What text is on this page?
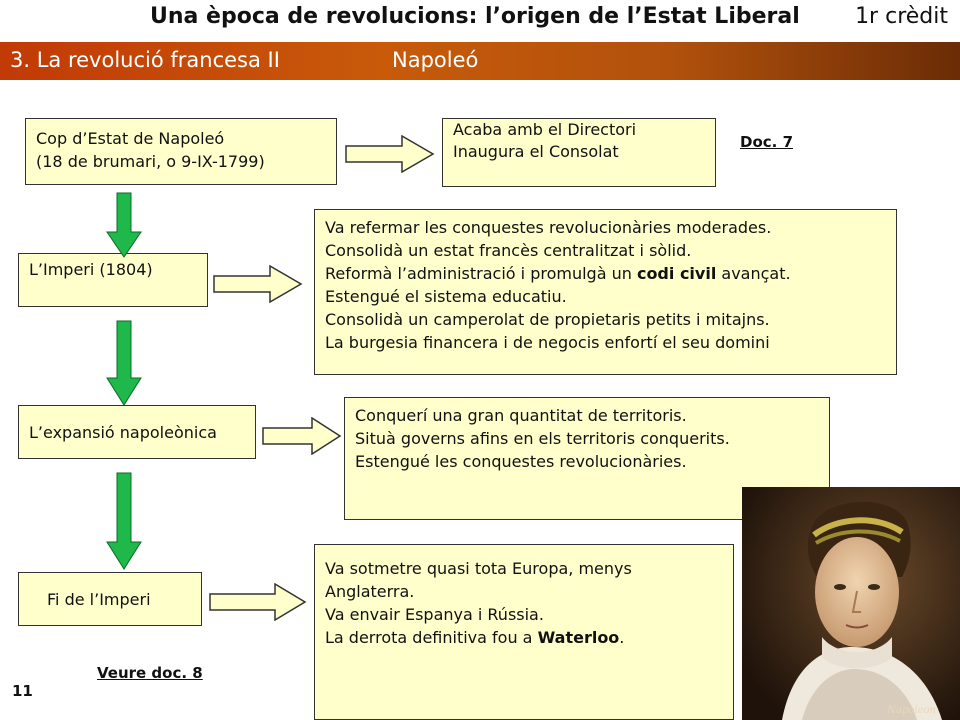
Una època de revolucions: l’origen de l’Estat Liberal	1r crèdit
3. La revolució francesa II	Napoleó
Cop d’Estat de Napoleó
(18 de brumari, o 9-IX-1799)
L’Imperi (1804)
L’expansió napoleònica
Fi de l’Imperi
Acaba amb el Directori
Inaugura el Consolat
Va refermar les conquestes revolucionàries moderades.
Consolidà un estat francès centralitzat i sòlid.
Reformà l’administració i promulgà un codi civil avançat.
Estengué el sistema educatiu.
Consolidà un camperolat de propietaris petits i mitajns.
La burgesia financera i de negocis enfortí el seu domini
Conquerí una gran quantitat de territoris.
Situà governs afins en els territoris conquerits.
Estengué les conquestes revolucionàries.
Va sotmetre quasi tota Europa, menys
Anglaterra.
Va envair Espanya i Rússia.
La derrota definitiva fou a Waterloo.
Doc. 7
Veure doc. 8
11
Napoleon
